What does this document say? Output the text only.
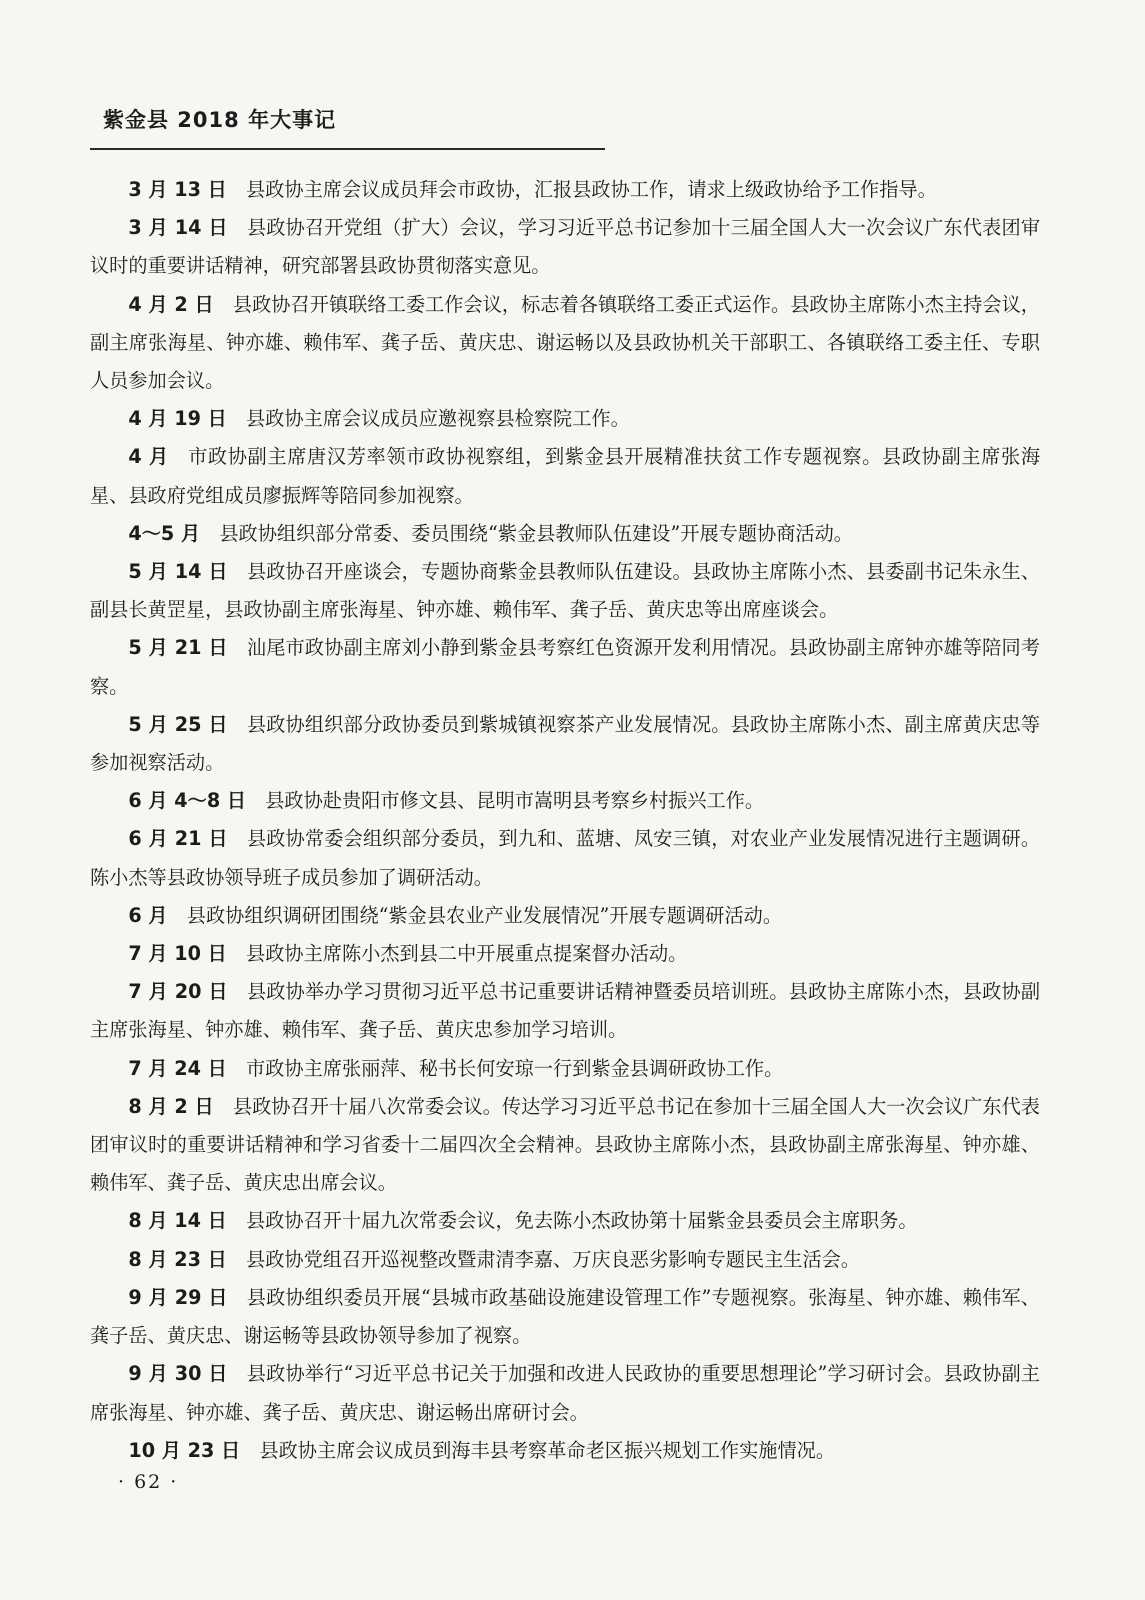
紫金县 2018 年大事记

3 月 13 日 县政协主席会议成员拜会市政协，汇报县政协工作，请求上级政协给予工作指导。

3 月 14 日 县政协召开党组（扩大）会议，学习习近平总书记参加十三届全国人大一次会议广东代表团审议时的重要讲话精神，研究部署县政协贯彻落实意见。

4 月 2 日 县政协召开镇联络工委工作会议，标志着各镇联络工委正式运作。县政协主席陈小杰主持会议，副主席张海星、钟亦雄、赖伟军、龚子岳、黄庆忠、谢运畅以及县政协机关干部职工、各镇联络工委主任、专职人员参加会议。

4 月 19 日 县政协主席会议成员应邀视察县检察院工作。

4 月 市政协副主席唐汉芳率领市政协视察组，到紫金县开展精准扶贫工作专题视察。县政协副主席张海星、县政府党组成员廖振辉等陪同参加视察。

4～5 月 县政协组织部分常委、委员围绕“紫金县教师队伍建设”开展专题协商活动。

5 月 14 日 县政协召开座谈会，专题协商紫金县教师队伍建设。县政协主席陈小杰、县委副书记朱永生、副县长黄罡星，县政协副主席张海星、钟亦雄、赖伟军、龚子岳、黄庆忠等出席座谈会。

5 月 21 日 汕尾市政协副主席刘小静到紫金县考察红色资源开发利用情况。县政协副主席钟亦雄等陪同考察。

5 月 25 日 县政协组织部分政协委员到紫城镇视察茶产业发展情况。县政协主席陈小杰、副主席黄庆忠等参加视察活动。

6 月 4～8 日 县政协赴贵阳市修文县、昆明市嵩明县考察乡村振兴工作。

6 月 21 日 县政协常委会组织部分委员，到九和、蓝塘、凤安三镇，对农业产业发展情况进行主题调研。陈小杰等县政协领导班子成员参加了调研活动。

6 月 县政协组织调研团围绕“紫金县农业产业发展情况”开展专题调研活动。

7 月 10 日 县政协主席陈小杰到县二中开展重点提案督办活动。

7 月 20 日 县政协举办学习贯彻习近平总书记重要讲话精神暨委员培训班。县政协主席陈小杰，县政协副主席张海星、钟亦雄、赖伟军、龚子岳、黄庆忠参加学习培训。

7 月 24 日 市政协主席张丽萍、秘书长何安琼一行到紫金县调研政协工作。

8 月 2 日 县政协召开十届八次常委会议。传达学习习近平总书记在参加十三届全国人大一次会议广东代表团审议时的重要讲话精神和学习省委十二届四次全会精神。县政协主席陈小杰，县政协副主席张海星、钟亦雄、赖伟军、龚子岳、黄庆忠出席会议。

8 月 14 日 县政协召开十届九次常委会议，免去陈小杰政协第十届紫金县委员会主席职务。

8 月 23 日 县政协党组召开巡视整改暨肃清李嘉、万庆良恶劣影响专题民主生活会。

9 月 29 日 县政协组织委员开展“县城市政基础设施建设管理工作”专题视察。张海星、钟亦雄、赖伟军、龚子岳、黄庆忠、谢运畅等县政协领导参加了视察。

9 月 30 日 县政协举行“习近平总书记关于加强和改进人民政协的重要思想理论”学习研讨会。县政协副主席张海星、钟亦雄、龚子岳、黄庆忠、谢运畅出席研讨会。

10 月 23 日 县政协主席会议成员到海丰县考察革命老区振兴规划工作实施情况。

· 62 ·
